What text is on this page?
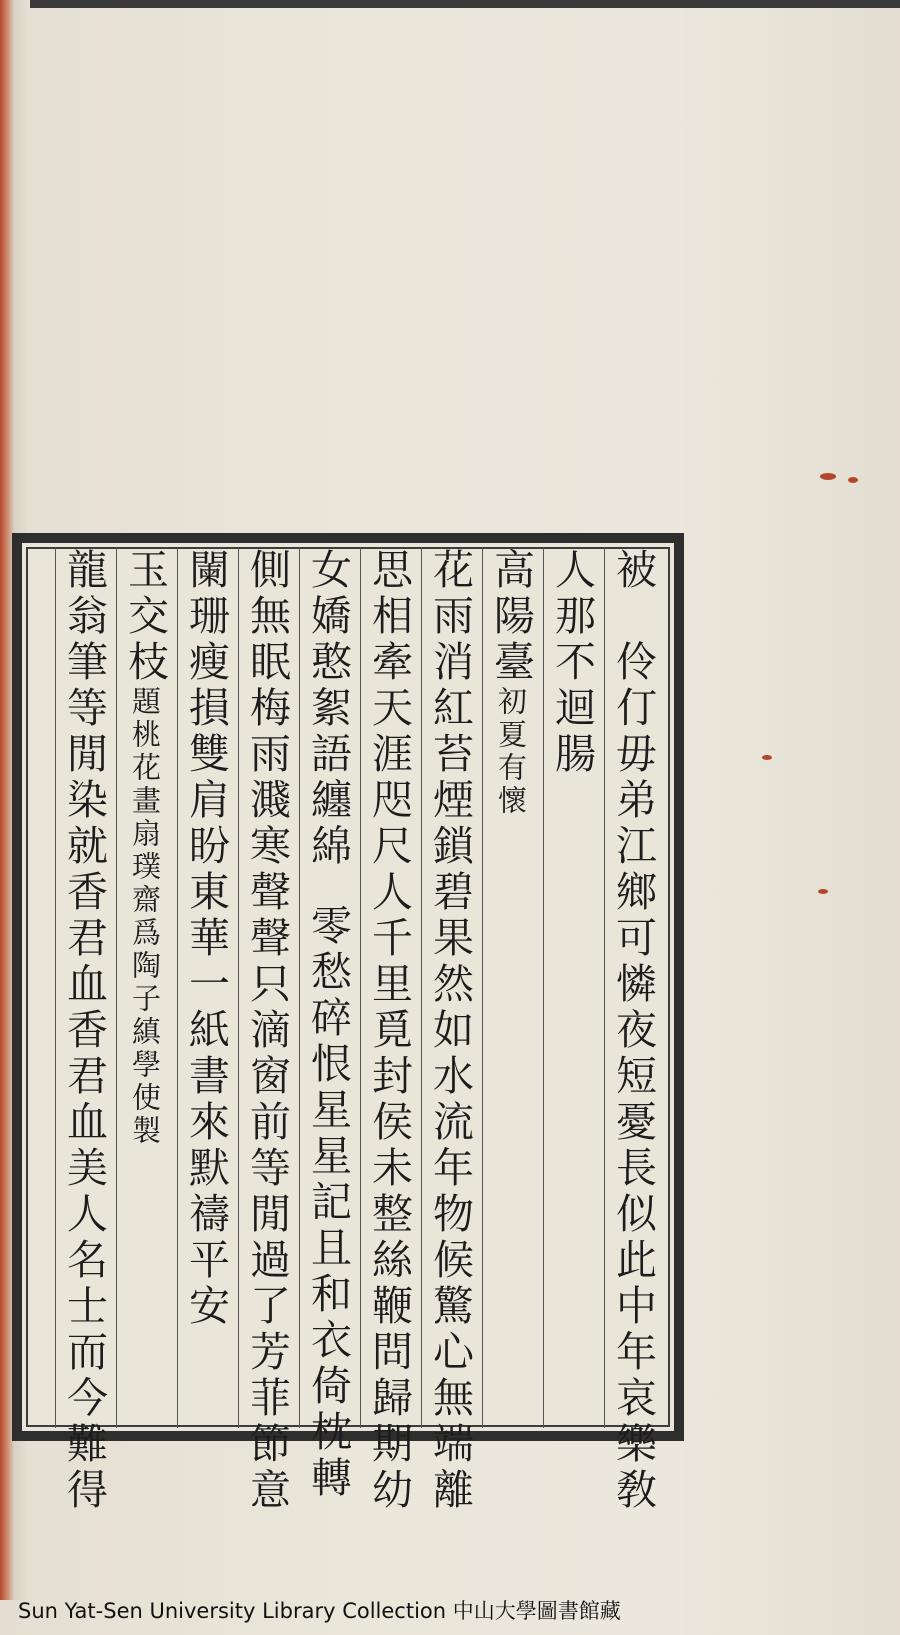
被　伶仃毋弟江鄉可憐夜短憂長似此中年哀樂敎
人那不迴腸
高陽臺初夏有懷
花雨消紅苔煙鎖碧果然如水流年物候驚心無端離
思相牽天涯咫尺人千里覓封侯未整絲鞭問歸期幼
女嬌憨絮語纏綿零愁碎恨星星記且和衣倚枕轉
側無眠梅雨濺寒聲聲只滴窗前等閒過了芳菲節意
闌珊瘦損雙肩盼東華一紙書來默禱平安
玉交枝題桃花畫扇璞齋爲陶子縝學使製
龍翁筆等閒染就香君血香君血美人名士而今難得
Sun Yat-Sen University Library Collection 中山大學圖書館藏
